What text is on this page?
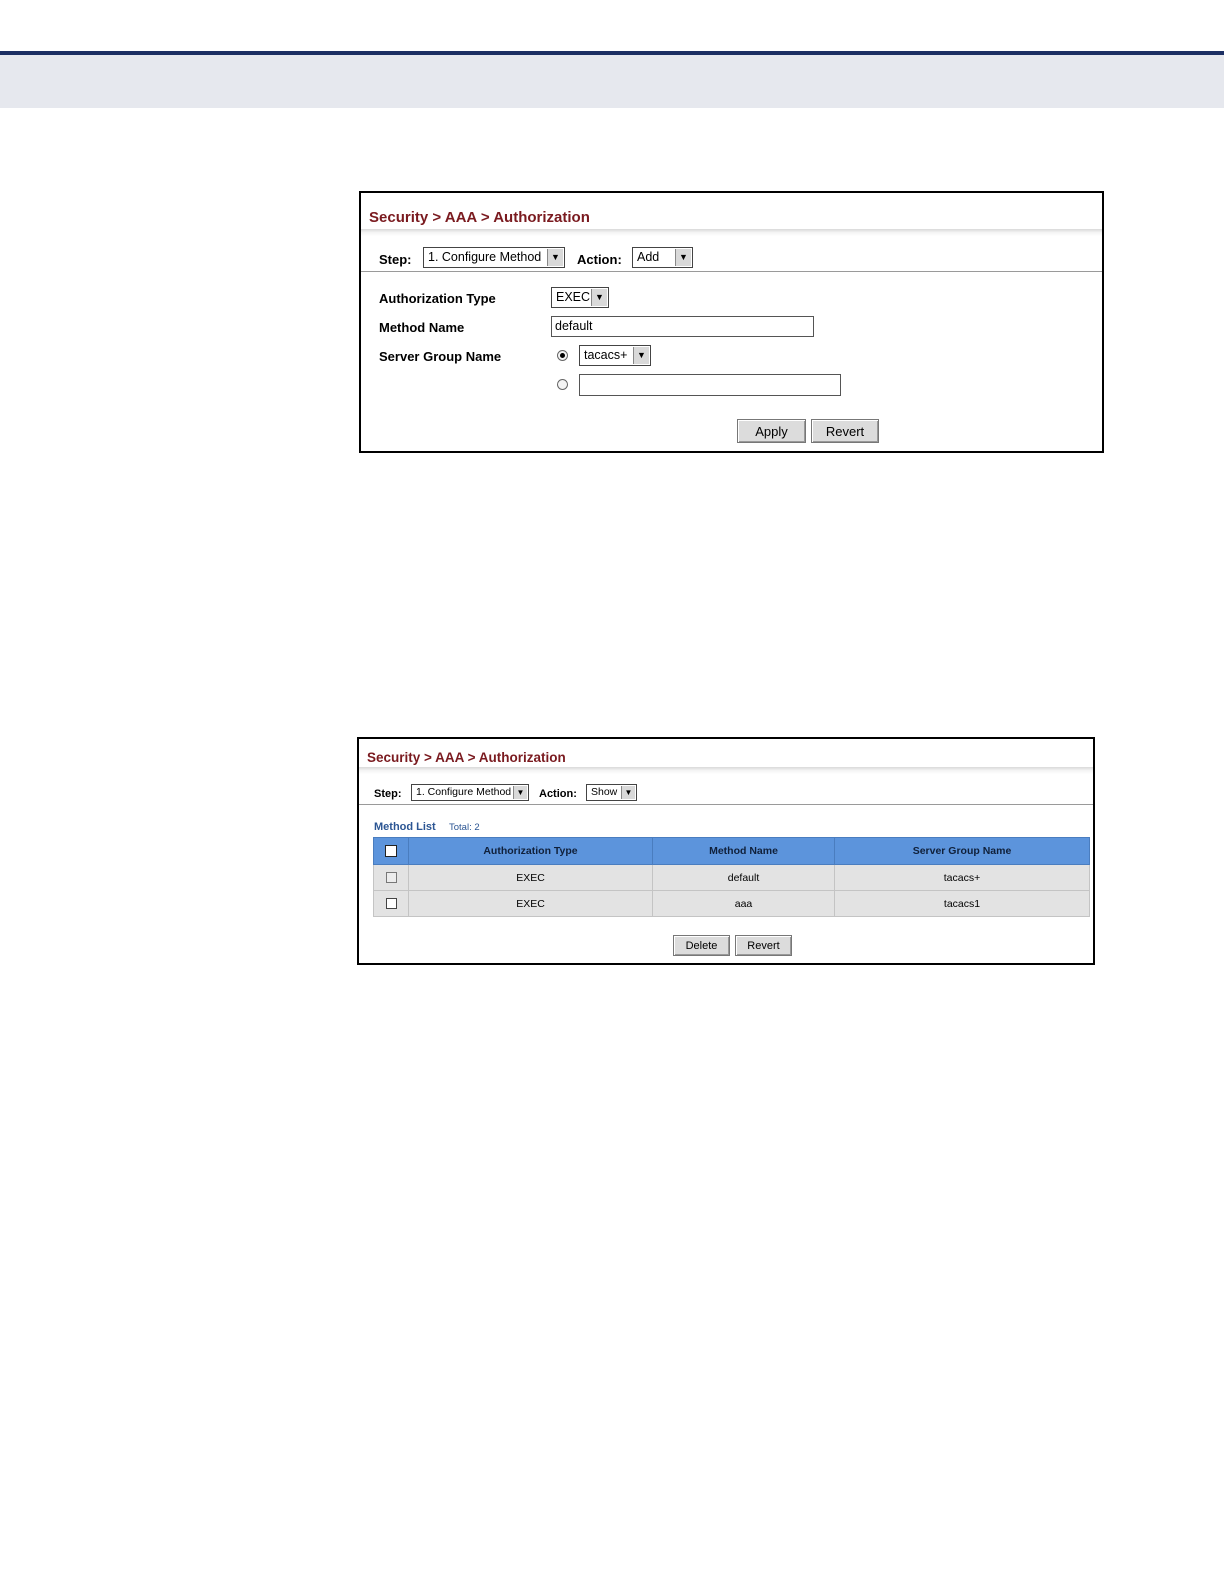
Security > AAA > Authorization
Step:	1. Configure Method	▼ Action:	Add	▼
Authorization Type	EXEC ▼
Method Name	default
Server Group Name	tacacs+	▼
Apply	Revert
Security > AAA > Authorization
Step:	1. Configure Method ▼ Action:	Show ▼
Method List Total: 2
	Authorization Type	Method Name	Server Group Name
	EXEC	default	tacacs+
	EXEC	aaa	tacacs1
Delete	Revert
